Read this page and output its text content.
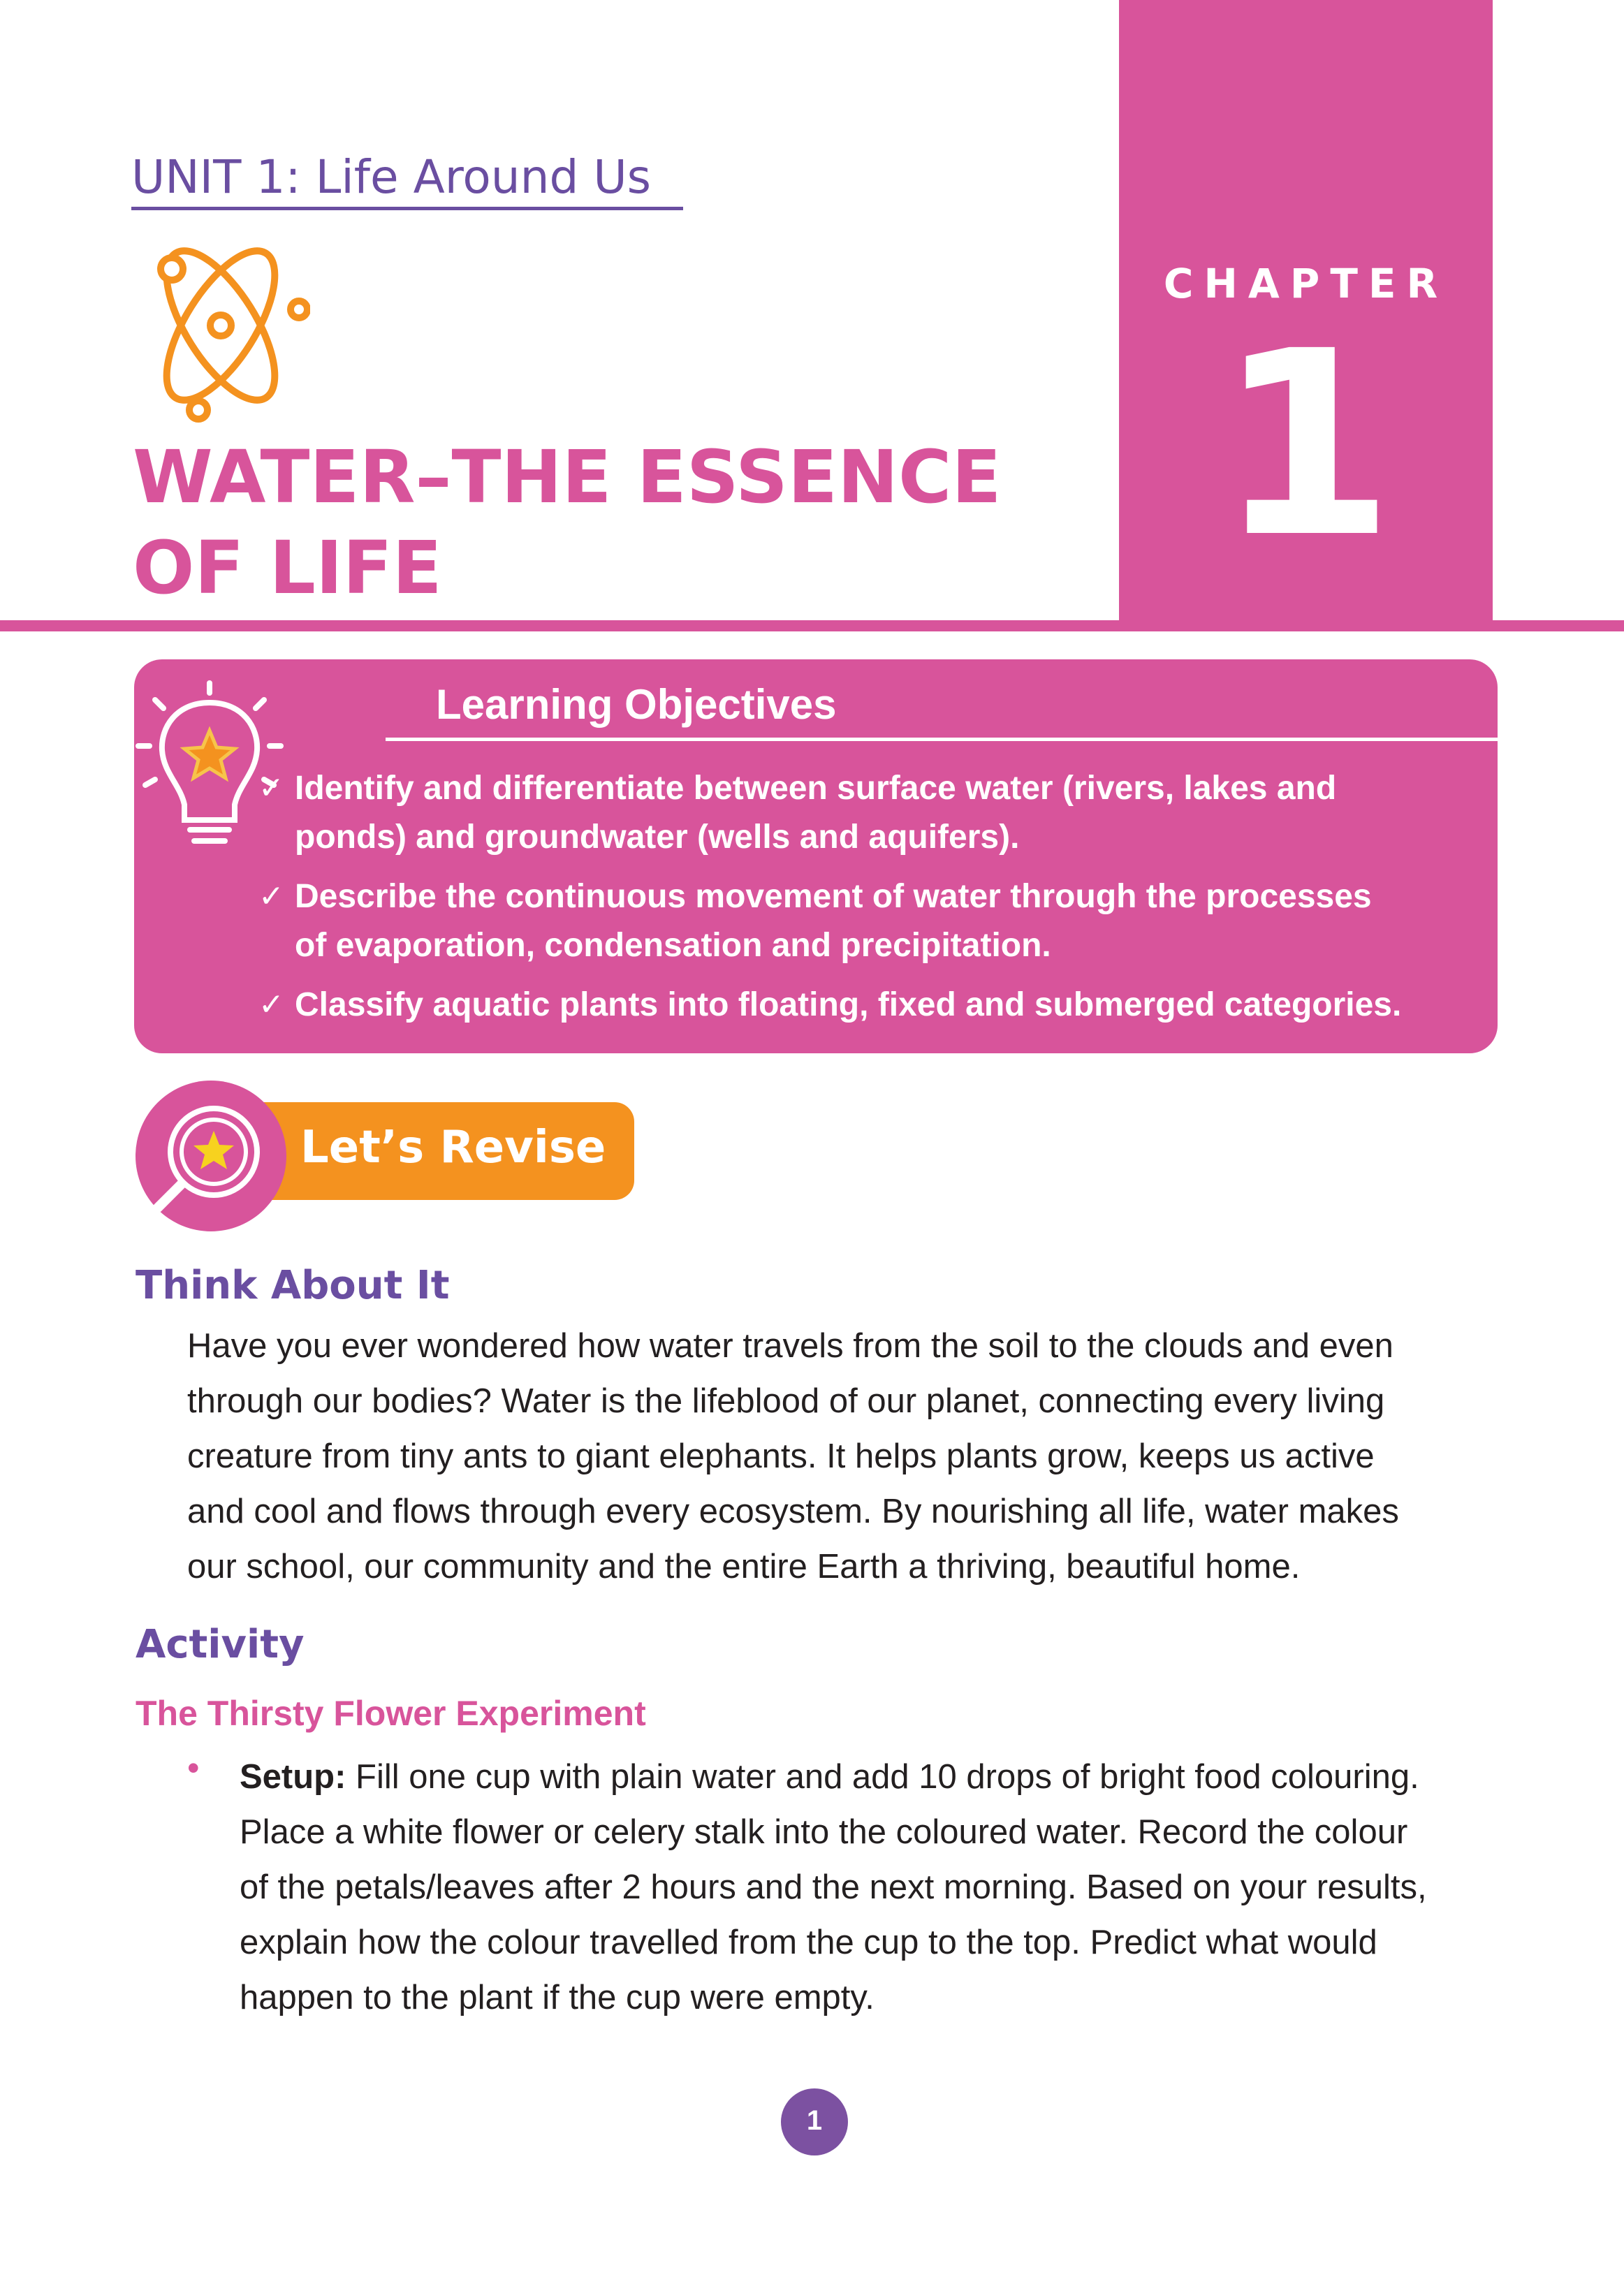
CHAPTER
1
UNIT 1: Life Around Us
WATER–THE ESSENCE
OF LIFE
Learning Objectives
✓ Identify and differentiate between surface water (rivers, lakes and
ponds) and groundwater (wells and aquifers).
✓ Describe the continuous movement of water through the processes
of evaporation, condensation and precipitation.
✓ Classify aquatic plants into floating, fixed and submerged categories.
Let’s Revise
Think About It
Have you ever wondered how water travels from the soil to the clouds and even
through our bodies? Water is the lifeblood of our planet, connecting every living
creature from tiny ants to giant elephants. It helps plants grow, keeps us active
and cool and flows through every ecosystem. By nourishing all life, water makes
our school, our community and the entire Earth a thriving, beautiful home.
Activity
The Thirsty Flower Experiment
• Setup: Fill one cup with plain water and add 10 drops of bright food colouring.
Place a white flower or celery stalk into the coloured water. Record the colour
of the petals/leaves after 2 hours and the next morning. Based on your results,
explain how the colour travelled from the cup to the top. Predict what would
happen to the plant if the cup were empty.
1
